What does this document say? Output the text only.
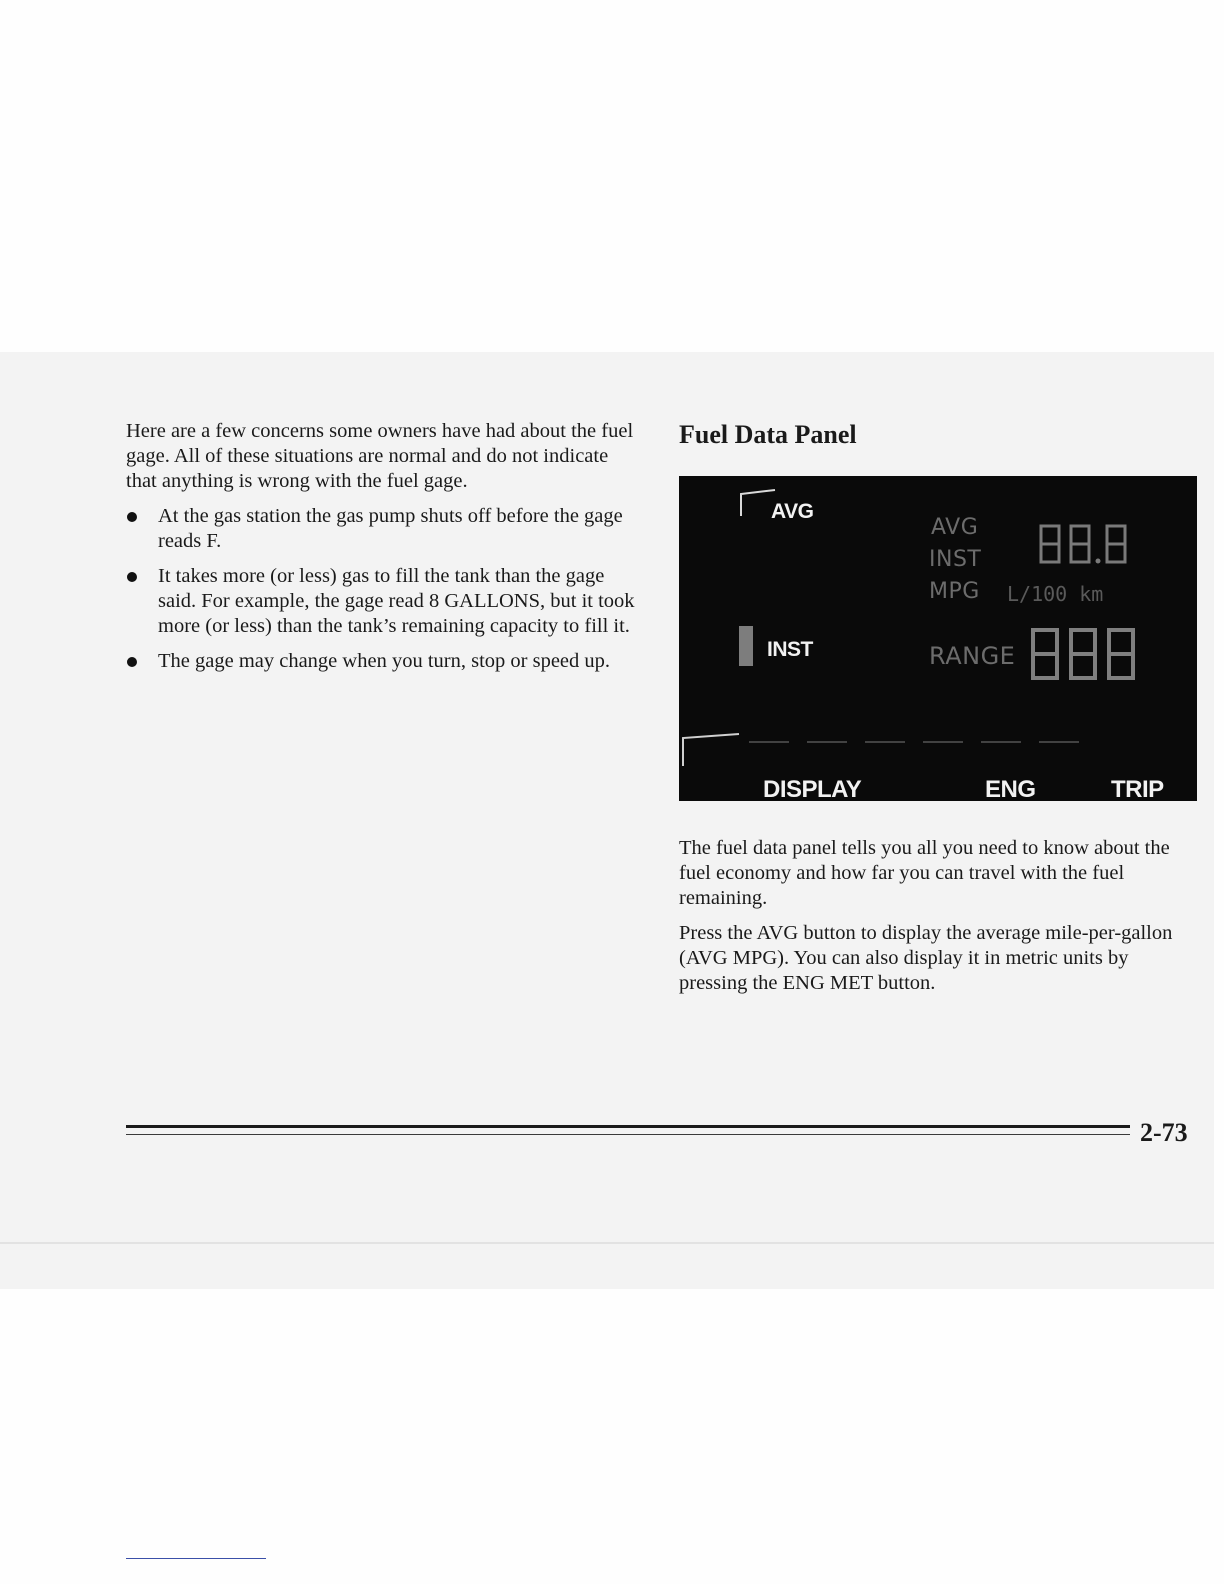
Here are a few concerns some owners have had about the fuel gage. All of these situations are normal and do not indicate that anything is wrong with the fuel gage.

At the gas station the gas pump shuts off before the gage reads F.
It takes more (or less) gas to fill the tank than the gage said. For example, the gage read 8 GALLONS, but it took more (or less) than the tank’s remaining capacity to fill it.
The gage may change when you turn, stop or speed up.
Fuel Data Panel
AVG
INST
DISPLAY	ENG	TRIP
AVG
INST
MPG L/100 km
RANGE

The fuel data panel tells you all you need to know about the fuel economy and how far you can travel with the fuel remaining.

Press the AVG button to display the average mile-per-gallon (AVG MPG). You can also display it in metric units by pressing the ENG MET button.

2-73
